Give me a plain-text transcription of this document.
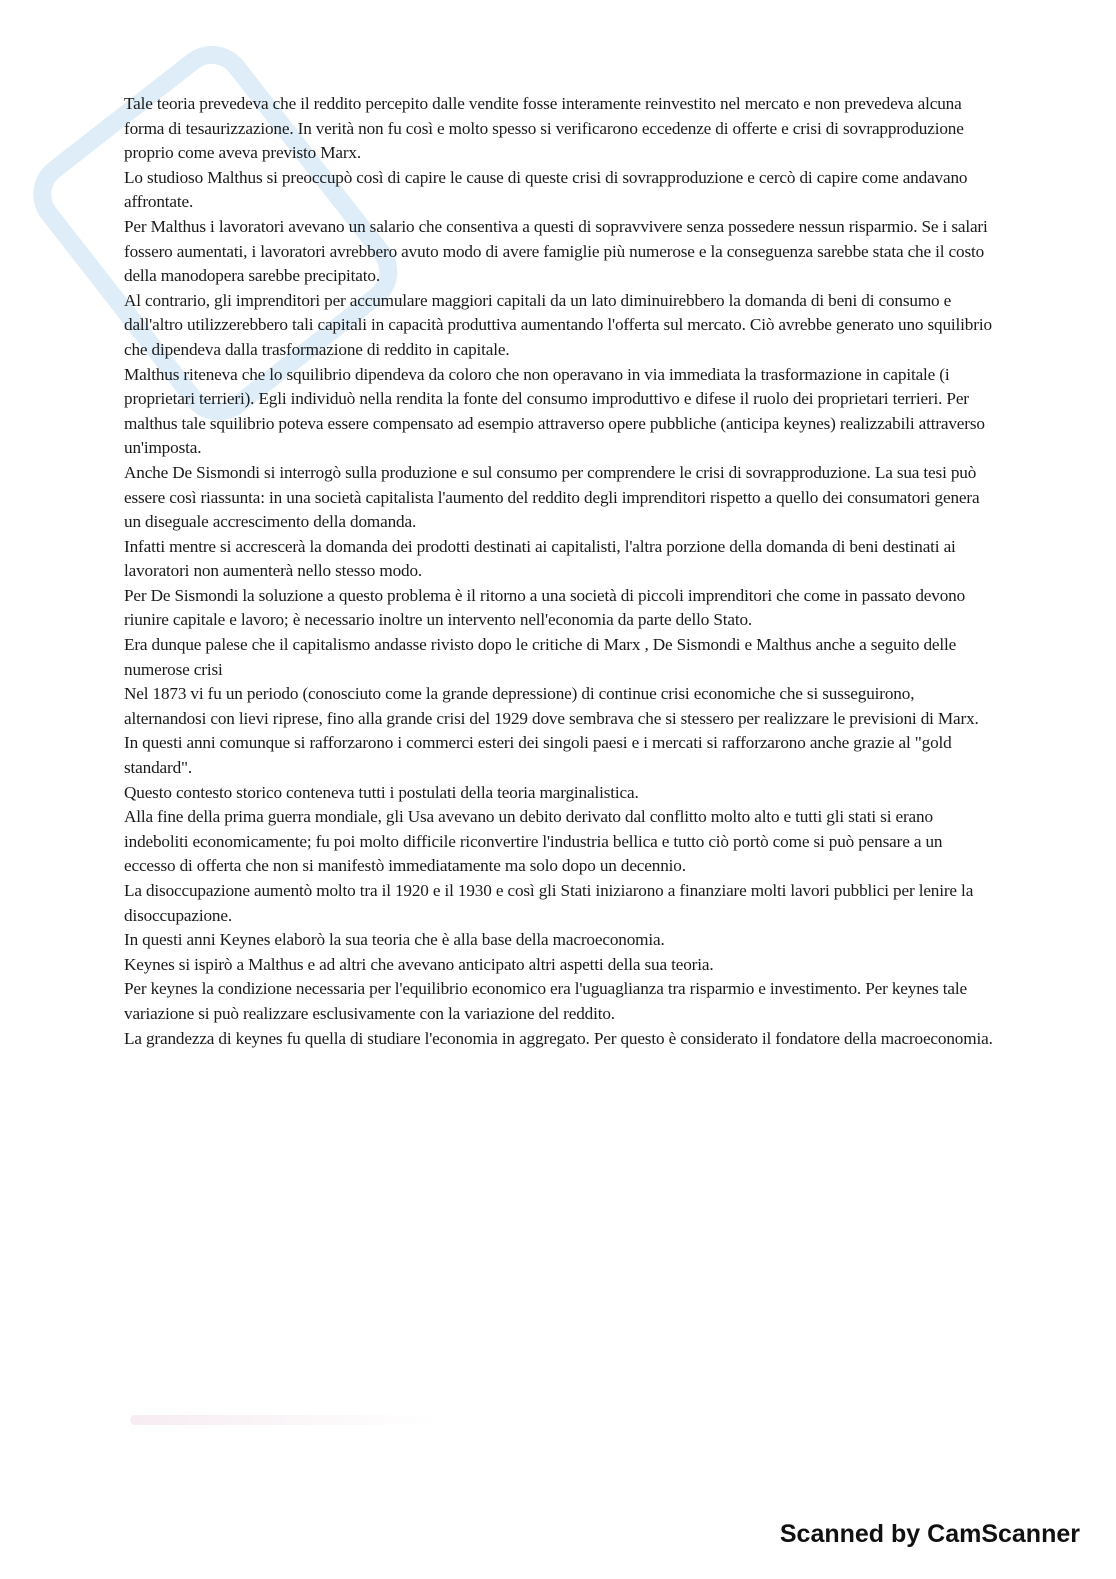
Tale teoria prevedeva che il reddito percepito dalle vendite fosse interamente reinvestito nel mercato e non prevedeva alcuna forma di tesaurizzazione. In verità non fu così e molto spesso si verificarono eccedenze di offerte e crisi di sovrapproduzione proprio come aveva previsto Marx.

Lo studioso Malthus si preoccupò così di capire le cause di queste crisi di sovrapproduzione e cercò di capire come andavano affrontate.

Per Malthus i lavoratori avevano un salario che consentiva a questi di sopravvivere senza possedere nessun risparmio. Se i salari fossero aumentati, i lavoratori avrebbero avuto modo di avere famiglie più numerose e la conseguenza sarebbe stata che il costo della manodopera sarebbe precipitato.

Al contrario, gli imprenditori per accumulare maggiori capitali da un lato diminuirebbero la domanda di beni di consumo e dall'altro utilizzerebbero tali capitali in capacità produttiva aumentando l'offerta sul mercato. Ciò avrebbe generato uno squilibrio che dipendeva dalla trasformazione di reddito in capitale.

Malthus riteneva che lo squilibrio dipendeva da coloro che non operavano in via immediata la trasformazione in capitale (i proprietari terrieri). Egli individuò nella rendita la fonte del consumo improduttivo e difese il ruolo dei proprietari terrieri. Per malthus tale squilibrio poteva essere compensato ad esempio attraverso opere pubbliche (anticipa keynes) realizzabili attraverso un'imposta.

Anche De Sismondi si interrogò sulla produzione e sul consumo per comprendere le crisi di sovrapproduzione. La sua tesi può essere così riassunta: in una società capitalista l'aumento del reddito degli imprenditori rispetto a quello dei consumatori genera un diseguale accrescimento della domanda.

Infatti mentre si accrescerà la domanda dei prodotti destinati ai capitalisti, l'altra porzione della domanda di beni destinati ai lavoratori non aumenterà nello stesso modo.

Per De Sismondi la soluzione a questo problema è il ritorno a una società di piccoli imprenditori che come in passato devono riunire capitale e lavoro; è necessario inoltre un intervento nell'economia da parte dello Stato.

Era dunque palese che il capitalismo andasse rivisto dopo le critiche di Marx , De Sismondi e Malthus anche a seguito delle numerose crisi

Nel 1873 vi fu un periodo (conosciuto come la grande depressione) di continue crisi economiche che si susseguirono, alternandosi con lievi riprese, fino alla grande crisi del 1929 dove sembrava che si stessero per realizzare le previsioni di Marx.

In questi anni comunque si rafforzarono i commerci esteri dei singoli paesi e i mercati si rafforzarono anche grazie al "gold standard".

Questo contesto storico conteneva tutti i postulati della teoria marginalistica.

Alla fine della prima guerra mondiale, gli Usa avevano un debito derivato dal conflitto molto alto e tutti gli stati si erano indeboliti economicamente; fu poi molto difficile riconvertire l'industria bellica e tutto ciò portò come si può pensare a un eccesso di offerta che non si manifestò immediatamente ma solo dopo un decennio.

La disoccupazione aumentò molto tra il 1920 e il 1930 e così gli Stati iniziarono a finanziare molti lavori pubblici per lenire la disoccupazione.

In questi anni Keynes elaborò la sua teoria che è alla base della macroeconomia.

Keynes si ispirò a Malthus e ad altri che avevano anticipato altri aspetti della sua teoria.

Per keynes la condizione necessaria per l'equilibrio economico era l'uguaglianza tra risparmio e investimento. Per keynes tale variazione si può realizzare esclusivamente con la variazione del reddito.

La grandezza di keynes fu quella di studiare l'economia in aggregato. Per questo è considerato il fondatore della macroeconomia.

Scanned by CamScanner
